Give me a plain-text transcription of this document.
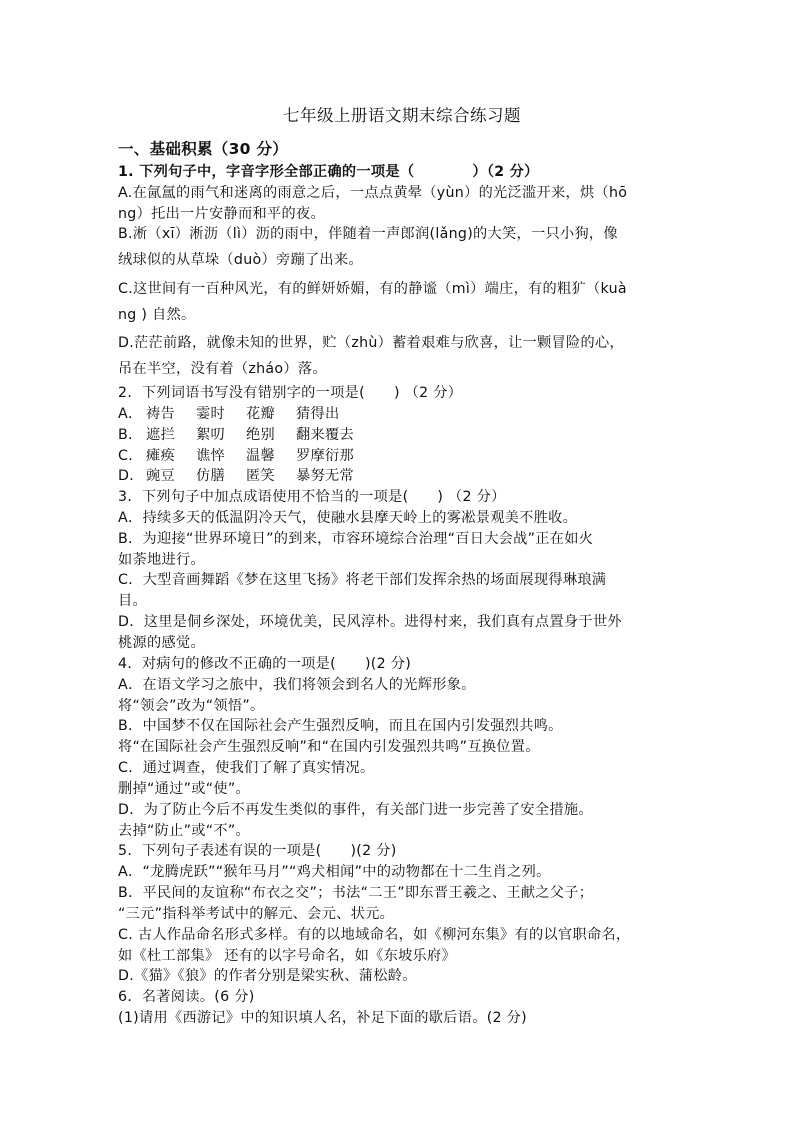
七年级上册语文期末综合练习题
一、基础积累（30 分）
1. 下列句子中，字音字形全部正确的一项是（　　　　）（2 分）
A.在氤氲的雨气和迷离的雨意之后，一点点黄晕（yùn）的光泛滥开来，烘（hō
ng）托出一片安静而和平的夜。
B.淅（xī）淅沥（lì）沥的雨中，伴随着一声郎润(lǎng)的大笑，一只小狗，像
绒球似的从草垛（duò）旁蹦了出来。
C.这世间有一百种风光，有的鲜妍娇媚，有的静谧（mì）端庄，有的粗犷（kuà
ng ) 自然。
D.茫茫前路，就像未知的世界，贮（zhù）蓄着艰难与欣喜，让一颗冒险的心，
吊在半空，没有着（zháo）落。
2．下列词语书写没有错别字的一项是(　　) （2 分）
A． 祷告	霎时	花瓣	猜得出
B． 遮拦	絮叨	绝别	翻来覆去
C． 瘫痪	谯悴	温馨	罗摩衍那
D． 豌豆	仿膳	匿笑	暴努无常
3．下列句子中加点成语使用不恰当的一项是(　　) （2 分）
A．持续多天的低温阴冷天气，使融水县摩天岭上的雾凇景观美不胜收。
B．为迎接“世界环境日”的到来，市容环境综合治理“百日大会战”正在如火
如荼地进行。
C．大型音画舞蹈《梦在这里飞扬》将老干部们发挥余热的场面展现得琳琅满
目。
D．这里是侗乡深处，环境优美，民风淳朴。进得村来，我们真有点置身于世外
桃源的感觉。
4．对病句的修改不正确的一项是(　　)(2 分)
A．在语文学习之旅中，我们将领会到名人的光辉形象。
将“领会”改为“领悟”。
B．中国梦不仅在国际社会产生强烈反响，而且在国内引发强烈共鸣。
将“在国际社会产生强烈反响”和“在国内引发强烈共鸣”互换位置。
C．通过调查，使我们了解了真实情况。
删掉“通过”或“使”。
D．为了防止今后不再发生类似的事件，有关部门进一步完善了安全措施。
去掉“防止”或“不”。
5．下列句子表述有误的一项是(　　)(2 分)
A．“龙腾虎跃”“猴年马月”“鸡犬相闻”中的动物都在十二生肖之列。
B．平民间的友谊称“布衣之交”；书法“二王”即东晋王羲之、王献之父子；
“三元”指科举考试中的解元、会元、状元。
C. 古人作品命名形式多样。有的以地域命名，如《柳河东集》有的以官职命名，
如《杜工部集》 还有的以字号命名，如《东坡乐府》
D.《猫》《狼》的作者分别是梁实秋、蒲松龄。
6．名著阅读。(6 分)
(1)请用《西游记》中的知识填人名，补足下面的歇后语。(2 分)
